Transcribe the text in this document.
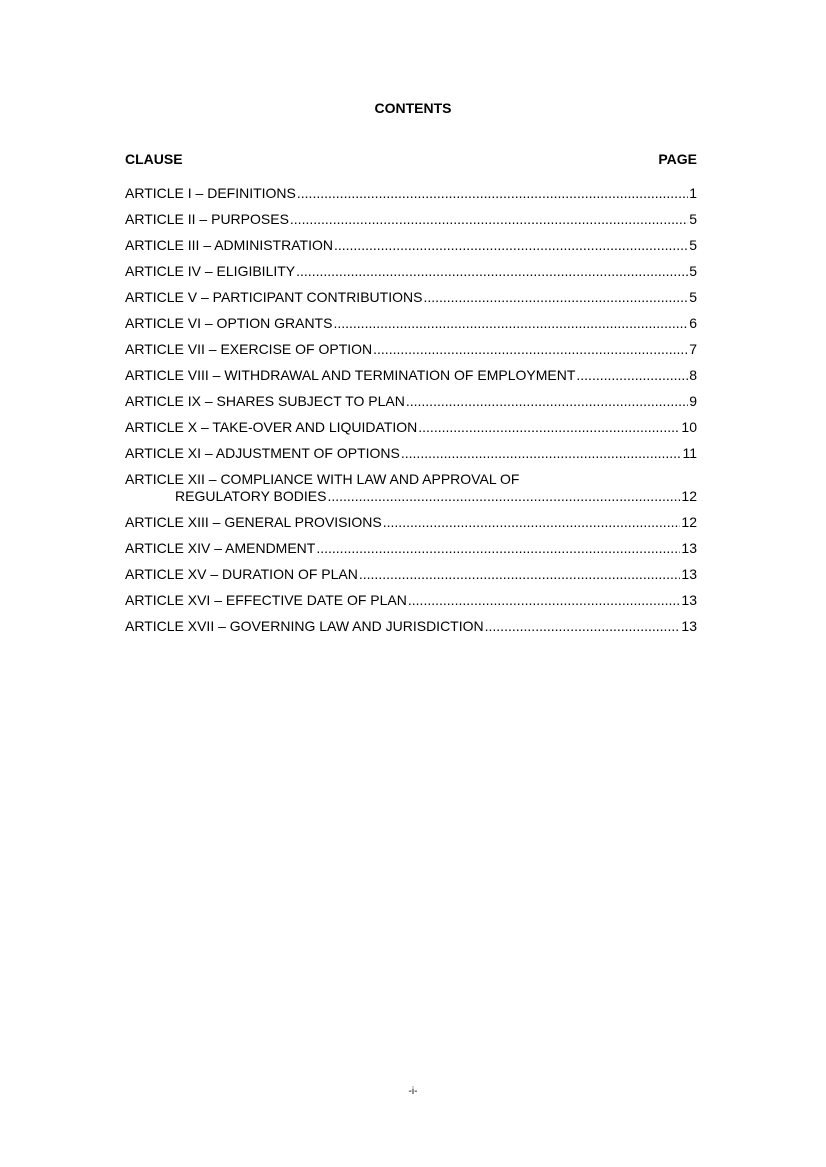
CONTENTS
CLAUSE	PAGE
ARTICLE I – DEFINITIONS .....	1
ARTICLE II – PURPOSES .....	5
ARTICLE III – ADMINISTRATION .....	5
ARTICLE IV – ELIGIBILITY .....	5
ARTICLE V – PARTICIPANT CONTRIBUTIONS .....	5
ARTICLE VI – OPTION GRANTS .....	6
ARTICLE VII – EXERCISE OF OPTION .....	7
ARTICLE VIII – WITHDRAWAL AND TERMINATION OF EMPLOYMENT .....	8
ARTICLE IX – SHARES SUBJECT TO PLAN .....	9
ARTICLE X – TAKE-OVER AND LIQUIDATION .....	10
ARTICLE XI – ADJUSTMENT OF OPTIONS .....	11
ARTICLE XII – COMPLIANCE WITH LAW AND APPROVAL OF
REGULATORY BODIES .....	12
ARTICLE XIII – GENERAL PROVISIONS .....	12
ARTICLE XIV – AMENDMENT .....	13
ARTICLE XV – DURATION OF PLAN .....	13
ARTICLE XVI – EFFECTIVE DATE OF PLAN .....	13
ARTICLE XVII – GOVERNING LAW AND JURISDICTION .....	13
-i-
